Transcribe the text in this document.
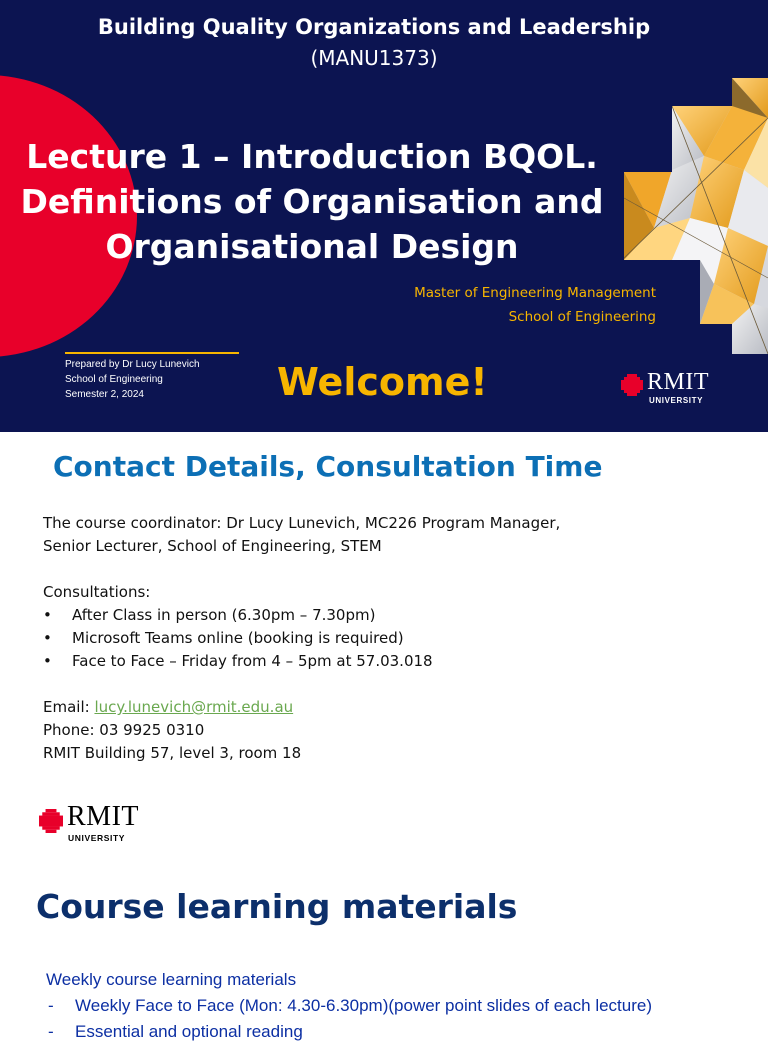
Building Quality Organizations and Leadership
(MANU1373)
Lecture 1 – Introduction BQOL. Definitions of Organisation and Organisational Design
Master of Engineering Management
School of Engineering
Prepared by Dr Lucy Lunevich
School of Engineering
Semester 2, 2024	Welcome!	RMIT
UNIVERSITY
Contact Details, Consultation Time
The course coordinator: Dr Lucy Lunevich, MC226 Program Manager,
Senior Lecturer, School of Engineering, STEM
Consultations:
• After Class in person (6.30pm – 7.30pm)
• Microsoft Teams online (booking is required)
• Face to Face – Friday from 4 – 5pm at 57.03.018
Email: lucy.lunevich@rmit.edu.au
Phone: 03 9925 0310
RMIT Building 57, level 3, room 18
RMIT
UNIVERSITY
Course learning materials
Weekly course learning materials
- Weekly Face to Face (Mon: 4.30-6.30pm)(power point slides of each lecture)
- Essential and optional reading
